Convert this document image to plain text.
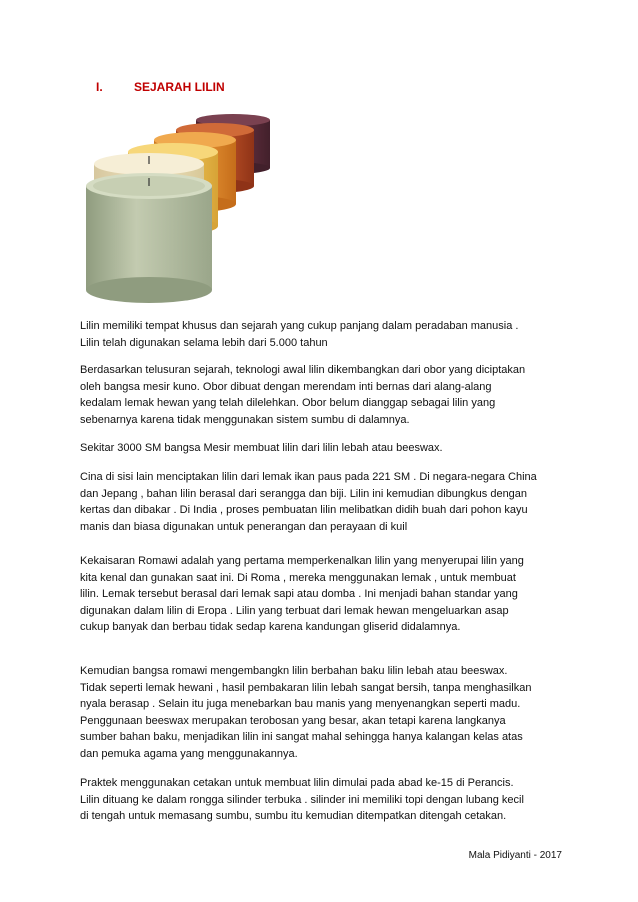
I.	SEJARAH LILIN

Lilin memiliki tempat khusus dan sejarah yang cukup panjang dalam peradaban manusia .
Lilin telah digunakan selama lebih dari 5.000 tahun

Berdasarkan telusuran sejarah, teknologi awal lilin dikembangkan dari obor yang diciptakan
oleh bangsa mesir kuno. Obor dibuat dengan merendam inti bernas dari alang-alang
kedalam lemak hewan yang telah dilelehkan. Obor belum dianggap sebagai lilin yang
sebenarnya karena tidak menggunakan sistem sumbu di dalamnya.

Sekitar 3000 SM bangsa Mesir membuat lilin dari lilin lebah atau beeswax.

Cina di sisi lain menciptakan lilin dari lemak ikan paus pada 221 SM . Di negara-negara China
dan Jepang , bahan lilin berasal dari serangga dan biji. Lilin ini kemudian dibungkus dengan
kertas dan dibakar . Di India , proses pembuatan lilin melibatkan didih buah dari pohon kayu
manis dan biasa digunakan untuk penerangan dan perayaan di kuil

Kekaisaran Romawi adalah yang pertama memperkenalkan lilin yang menyerupai lilin yang
kita kenal dan gunakan saat ini. Di Roma , mereka menggunakan lemak , untuk membuat
lilin. Lemak tersebut berasal dari lemak sapi atau domba . Ini menjadi bahan standar yang
digunakan dalam lilin di Eropa . Lilin yang terbuat dari lemak hewan mengeluarkan asap
cukup banyak dan berbau tidak sedap karena kandungan gliserid didalamnya.

Kemudian bangsa romawi mengembangkn lilin berbahan baku lilin lebah atau beeswax.
Tidak seperti lemak hewani , hasil pembakaran lilin lebah sangat bersih, tanpa menghasilkan
nyala berasap . Selain itu juga menebarkan bau manis yang menyenangkan seperti madu.
Penggunaan beeswax merupakan terobosan yang besar, akan tetapi karena langkanya
sumber bahan baku, menjadikan lilin ini sangat mahal sehingga hanya kalangan kelas atas
dan pemuka agama yang menggunakannya.

Praktek menggunakan cetakan untuk membuat lilin dimulai pada abad ke-15 di Perancis.
Lilin dituang ke dalam rongga silinder terbuka . silinder ini memiliki topi dengan lubang kecil
di tengah untuk memasang sumbu, sumbu itu kemudian ditempatkan ditengah cetakan.

Mala Pidiyanti - 2017
